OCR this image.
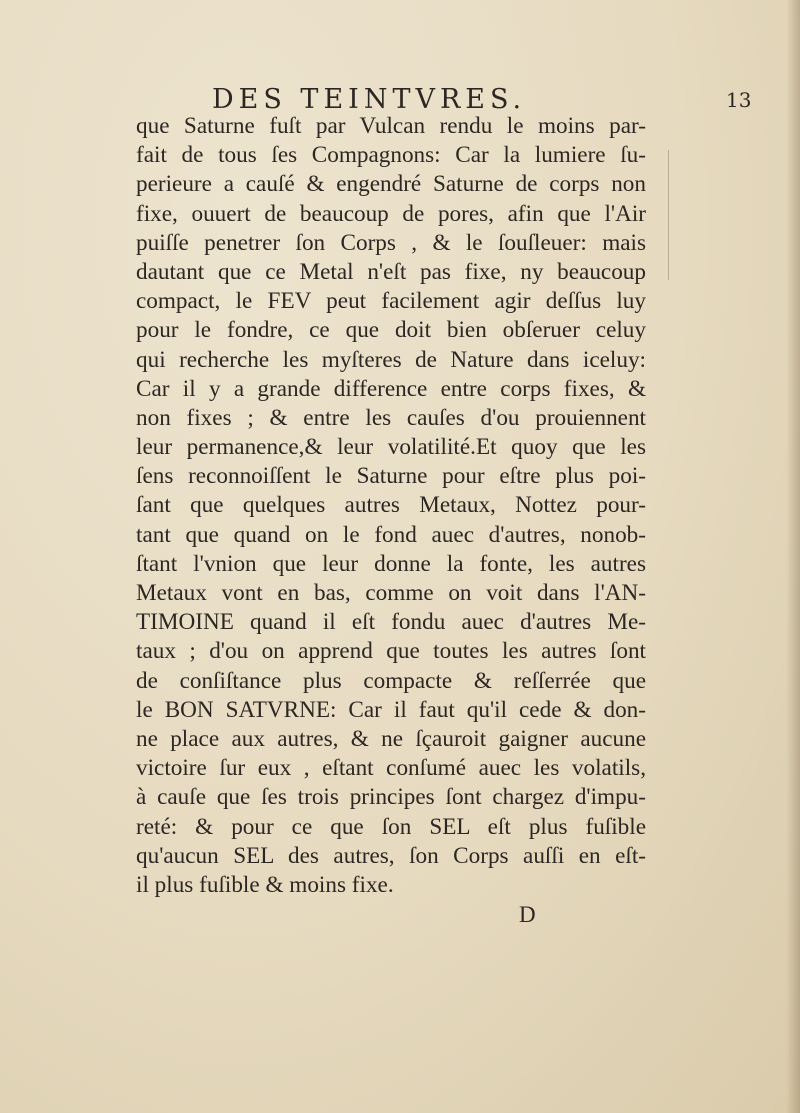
DES TEINTVRES.	13
que Saturne fuſt par Vulcan rendu le moins par-
fait de tous ſes Compagnons: Car la lumiere ſu-
perieure a cauſé & engendré Saturne de corps non
fixe, ouuert de beaucoup de pores, afin que l'Air
puiſſe penetrer ſon Corps , & le ſouſleuer: mais
dautant que ce Metal n'eſt pas fixe, ny beaucoup
compact, le FEV peut facilement agir deſſus luy
pour le fondre, ce que doit bien obſeruer celuy
qui recherche les myſteres de Nature dans iceluy:
Car il y a grande difference entre corps fixes, &
non fixes ; & entre les cauſes d'ou prouiennent
leur permanence,& leur volatilité.Et quoy que les
ſens reconnoiſſent le Saturne pour eſtre plus poi-
ſant que quelques autres Metaux, Nottez pour-
tant que quand on le fond auec d'autres, nonob-
ſtant l'vnion que leur donne la fonte, les autres
Metaux vont en bas, comme on voit dans l'AN-
TIMOINE quand il eſt fondu auec d'autres Me-
taux ; d'ou on apprend que toutes les autres ſont
de conſiſtance plus compacte & reſſerrée que
le BON SATVRNE: Car il faut qu'il cede & don-
ne place aux autres, & ne ſçauroit gaigner aucune
victoire ſur eux , eſtant conſumé auec les volatils,
à cauſe que ſes trois principes ſont chargez d'impu-
reté: & pour ce que ſon SEL eſt plus fuſible
qu'aucun SEL des autres, ſon Corps auſſi en eſt-
il plus fuſible & moins fixe.
D
